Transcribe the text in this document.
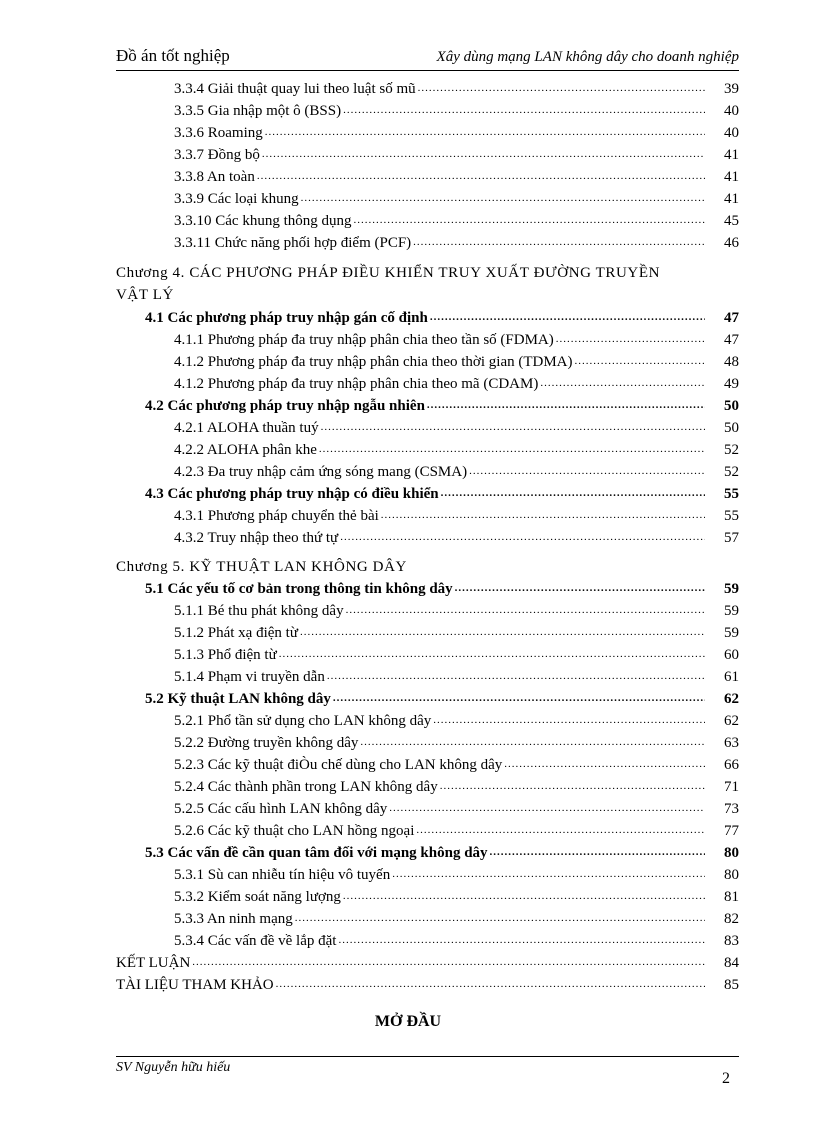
Đồ án tốt nghiệp	Xây dùng mạng LAN không dây cho doanh nghiệp
3.3.4 Giải thuật quay lui theo luật số mũ .....	39
3.3.5 Gia nhập một ô (BSS) .....	40
3.3.6 Roaming .....	40
3.3.7 Đồng bộ .....	41
3.3.8 An toàn .....	41
3.3.9 Các loại khung .....	41
3.3.10 Các khung thông dụng .....	45
3.3.11 Chức năng phối hợp điểm (PCF) .....	46
Chương 4. CÁC PHƯƠNG PHÁP ĐIỀU KHIỂN TRUY XUẤT ĐƯỜNG TRUYỀN
VẬT LÝ
4.1 Các phương pháp truy nhập gán cố định .....	47
4.1.1 Phương pháp đa truy nhập phân chia theo tần số (FDMA) .....	47
4.1.2 Phương pháp đa truy nhập phân chia theo thời gian (TDMA) .....	48
4.1.2 Phương pháp đa truy nhập phân chia theo mã (CDAM) .....	49
4.2 Các phương pháp truy nhập ngẫu nhiên .....	50
4.2.1 ALOHA thuần tuý .....	50
4.2.2 ALOHA phân khe .....	52
4.2.3 Đa truy nhập cảm ứng sóng mang (CSMA) .....	52
4.3 Các phương pháp truy nhập có điều khiển .....	55
4.3.1 Phương pháp chuyển thẻ bài .....	55
4.3.2 Truy nhập theo thứ tự .....	57
Chương 5. KỸ THUẬT LAN KHÔNG DÂY
5.1 Các yếu tố cơ bản trong thông tin không dây .....	59
5.1.1 Bé thu phát không dây .....	59
5.1.2 Phát xạ điện từ .....	59
5.1.3 Phổ điện từ .....	60
5.1.4 Phạm vi truyền dẫn .....	61
5.2 Kỹ thuật LAN không dây .....	62
5.2.1 Phổ tần sử dụng cho LAN không dây .....	62
5.2.2 Đường truyền không dây .....	63
5.2.3 Các kỹ thuật điÒu chế dùng cho LAN không dây .....	66
5.2.4 Các thành phần trong LAN không dây .....	71
5.2.5 Các cấu hình LAN không dây .....	73
5.2.6 Các kỹ thuật cho LAN hồng ngoại .....	77
5.3 Các vấn đề cần quan tâm đối với mạng không dây .....	80
5.3.1 Sù can nhiễu tín hiệu vô tuyến .....	80
5.3.2 Kiểm soát năng lượng .....	81
5.3.3 An ninh mạng .....	82
5.3.4 Các vấn đề về lắp đặt .....	83
KẾT LUẬN .....	84
TÀI LIỆU THAM KHẢO .....	85
MỞ ĐẦU
SV Nguyễn hữu hiếu
2
